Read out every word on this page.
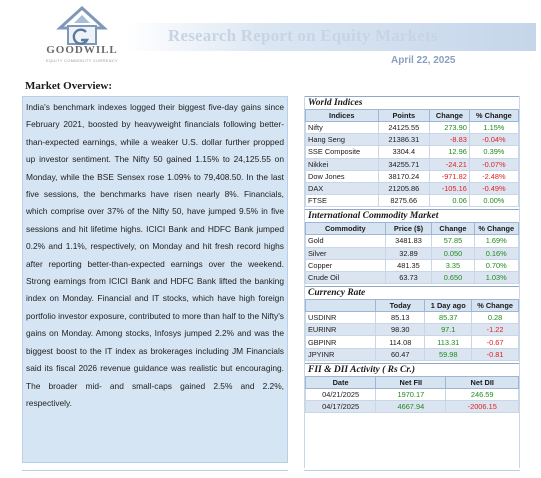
GOODWILL
EQUITY COMMODITY CURRENCY
Research Report on Equity Markets
April 22, 2025
Market Overview:

India's benchmark indexes logged their biggest five-day gains since February 2021, boosted by heavyweight financials following better-than-expected earnings, while a weaker U.S. dollar further propped up investor sentiment. The Nifty 50 gained 1.15% to 24,125.55 on Monday, while the BSE Sensex rose 1.09% to 79,408.50. In the last five sessions, the benchmarks have risen nearly 8%. Financials, which comprise over 37% of the Nifty 50, have jumped 9.5% in five sessions and hit lifetime highs. ICICI Bank and HDFC Bank jumped 0.2% and 1.1%, respectively, on Monday and hit fresh record highs after reporting better-than-expected earnings over the weekend. Strong earnings from ICICI Bank and HDFC Bank lifted the banking index on Monday. Financial and IT stocks, which have high foreign portfolio investor exposure, contributed to more than half to the Nifty's gains on Monday. Among stocks, Infosys jumped 2.2% and was the biggest boost to the IT index as brokerages including JM Financials said its fiscal 2026 revenue guidance was realistic but encouraging. The broader mid- and small-caps gained 2.5% and 2.2%, respectively.

World Indices
Indices	Points	Change	% Change
Nifty	24125.55	273.90	1.15%
Hang Seng	21386.31	-8.83	-0.04%
SSE Composite	3304.4	12.96	0.39%
Nikkei	34255.71	-24.21	-0.07%
Dow Jones	38170.24	-971.82	-2.48%
DAX	21205.86	-105.16	-0.49%
FTSE	8275.66	0.06	0.00%
International Commodity Market
Commodity	Price ($)	Change	% Change
Gold	3481.83	57.85	1.69%
Silver	32.89	0.050	0.16%
Copper	481.35	3.35	0.70%
Crude Oil	63.73	0.650	1.03%
Currency Rate
	Today	1 Day ago	% Change
USDINR	85.13	85.37	0.28
EURINR	98.30	97.1	-1.22
GBPINR	114.08	113.31	-0.67
JPYINR	60.47	59.98	-0.81
FII & DII Activity ( Rs Cr.)
Date	Net FII	Net DII
04/21/2025	1970.17	246.59
04/17/2025	4667.94	-2006.15
